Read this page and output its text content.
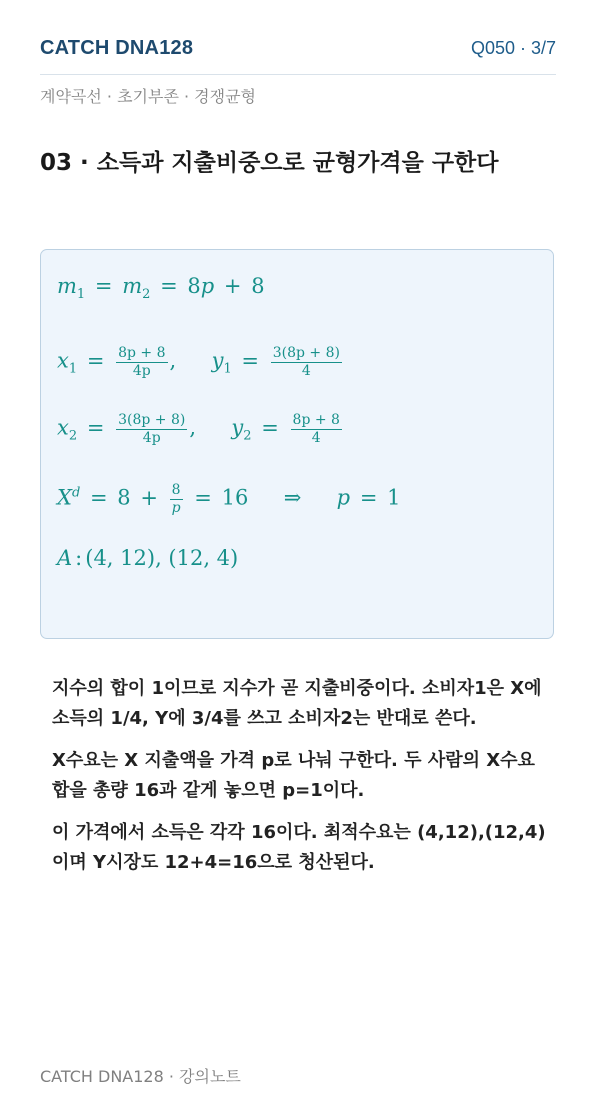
CATCH DNA128	Q050 · 3/7
계약곡선 · 초기부존 · 경쟁균형
03 · 소득과 지출비중으로 균형가격을 구한다
$m_1 = m_2 = 8p + 8$
$x_1 = \frac{8p + 8}{4p}$ ,  $y_1 = \frac{3(8p + 8)}{4}$
$x_2 = \frac{3(8p + 8)}{4p}$ ,  $y_2 = \frac{8p + 8}{4}$
$X^d = 8 + \frac{8}{p} = 16$ ⇒ p = 1
A : (4, 12), (12, 4)
지수의 합이 1이므로 지수가 곧 지출비중이다. 소비자1은 X에 소득의 1/4, Y에 3/4를 쓰고 소비자2는 반대로 쓴다.
X수요는 X 지출액을 가격 p로 나눠 구한다. 두 사람의 X수요 합을 총량 16과 같게 놓으면 p=1이다.
이 가격에서 소득은 각각 16이다. 최적수요는 (4,12),(12,4)이며 Y시장도 12+4=16으로 청산된다.
CATCH DNA128 · 강의노트
